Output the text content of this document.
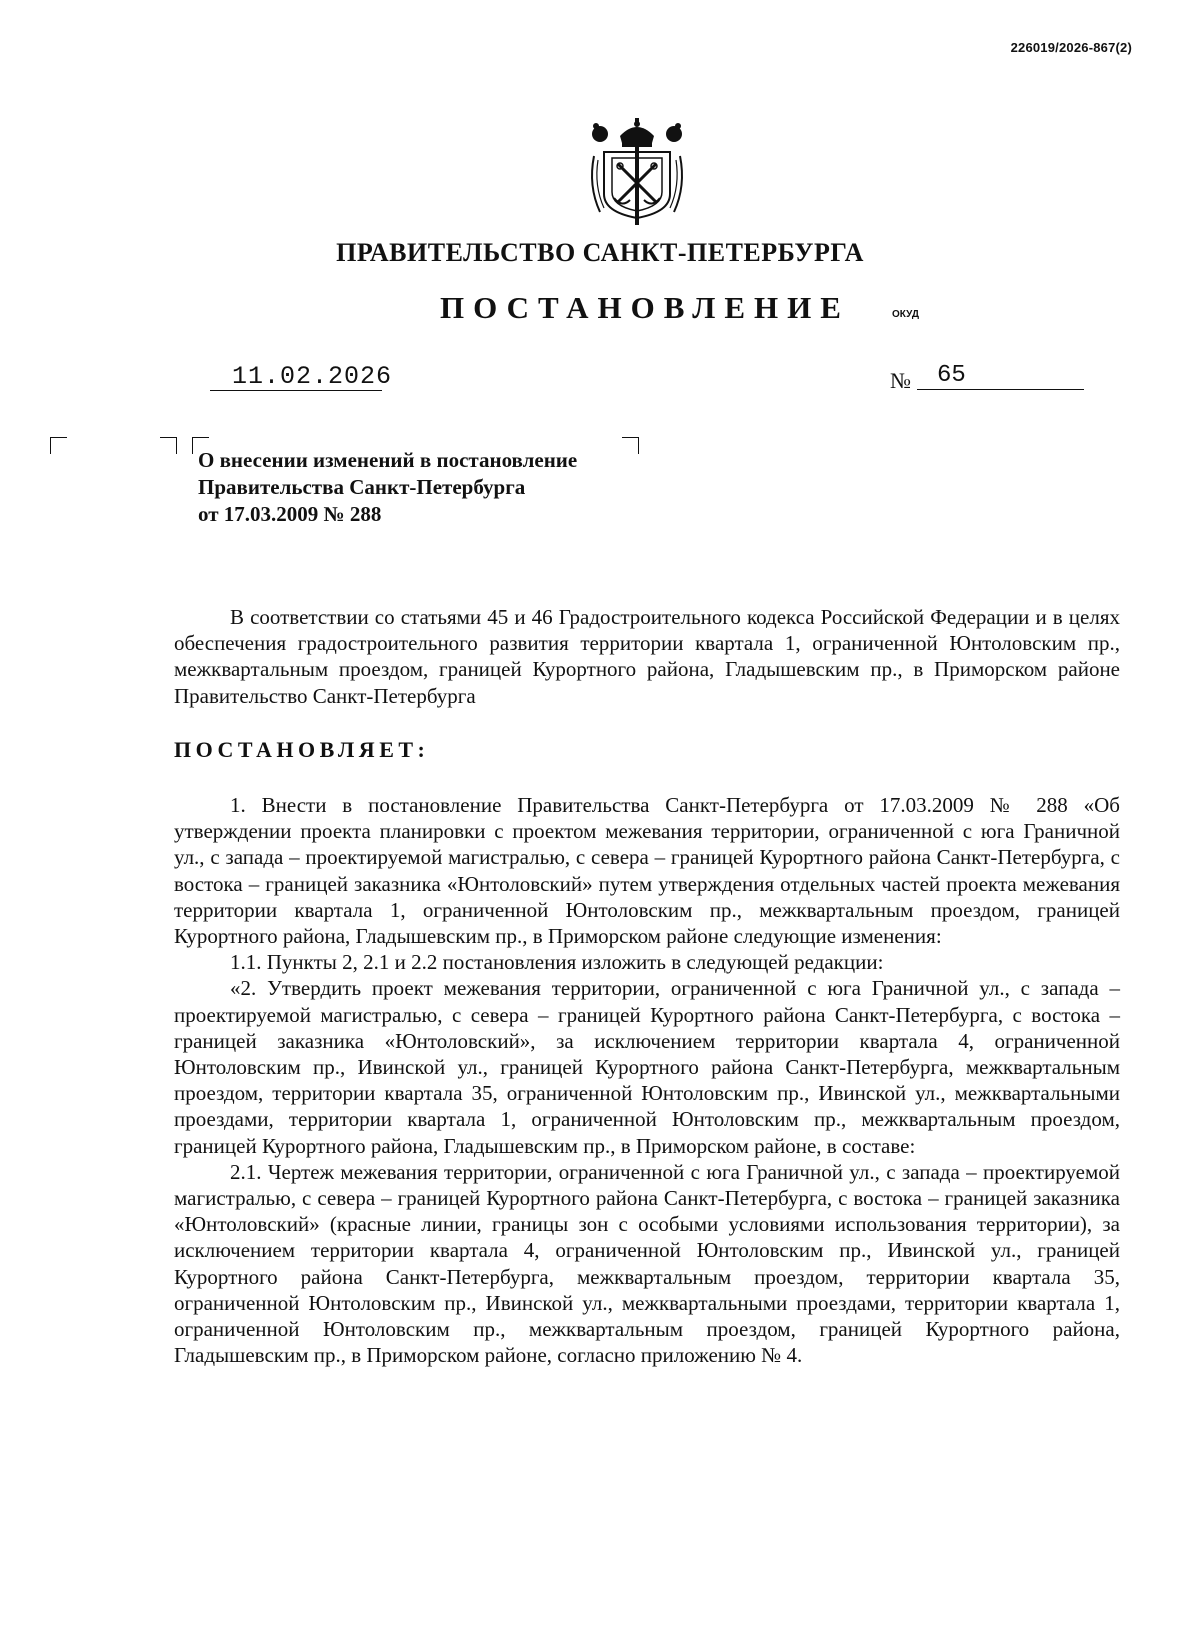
226019/2026-867(2)
ПРАВИТЕЛЬСТВО САНКТ-ПЕТЕРБУРГА
ПОСТАНОВЛЕНИЕ	ОКУД
11.02.2026	№ 65
О внесении изменений в постановление
Правительства Санкт-Петербурга
от 17.03.2009 № 288

В соответствии со статьями 45 и 46 Градостроительного кодекса Российской Федерации и в целях обеспечения градостроительного развития территории квартала 1, ограниченной Юнтоловским пр., межквартальным проездом, границей Курортного района, Гладышевским пр., в Приморском районе Правительство Санкт-Петербурга

ПОСТАНОВЛЯЕТ:

1. Внести в постановление Правительства Санкт-Петербурга от 17.03.2009 № 288 «Об утверждении проекта планировки с проектом межевания территории, ограниченной с юга Граничной ул., с запада – проектируемой магистралью, с севера – границей Курортного района Санкт-Петербурга, с востока – границей заказника «Юнтоловский» путем утверждения отдельных частей проекта межевания территории квартала 1, ограниченной Юнтоловским пр., межквартальным проездом, границей Курортного района, Гладышевским пр., в Приморском районе следующие изменения:

1.1. Пункты 2, 2.1 и 2.2 постановления изложить в следующей редакции:

«2. Утвердить проект межевания территории, ограниченной с юга Граничной ул., с запада – проектируемой магистралью, с севера – границей Курортного района Санкт-Петербурга, с востока – границей заказника «Юнтоловский», за исключением территории квартала 4, ограниченной Юнтоловским пр., Ивинской ул., границей Курортного района Санкт-Петербурга, межквартальным проездом, территории квартала 35, ограниченной Юнтоловским пр., Ивинской ул., межквартальными проездами, территории квартала 1, ограниченной Юнтоловским пр., межквартальным проездом, границей Курортного района, Гладышевским пр., в Приморском районе, в составе:

2.1. Чертеж межевания территории, ограниченной с юга Граничной ул., с запада – проектируемой магистралью, с севера – границей Курортного района Санкт-Петербурга, с востока – границей заказника «Юнтоловский» (красные линии, границы зон с особыми условиями использования территории), за исключением территории квартала 4, ограниченной Юнтоловским пр., Ивинской ул., границей Курортного района Санкт-Петербурга, межквартальным проездом, территории квартала 35, ограниченной Юнтоловским пр., Ивинской ул., межквартальными проездами, территории квартала 1, ограниченной Юнтоловским пр., межквартальным проездом, границей Курортного района, Гладышевским пр., в Приморском районе, согласно приложению № 4.
